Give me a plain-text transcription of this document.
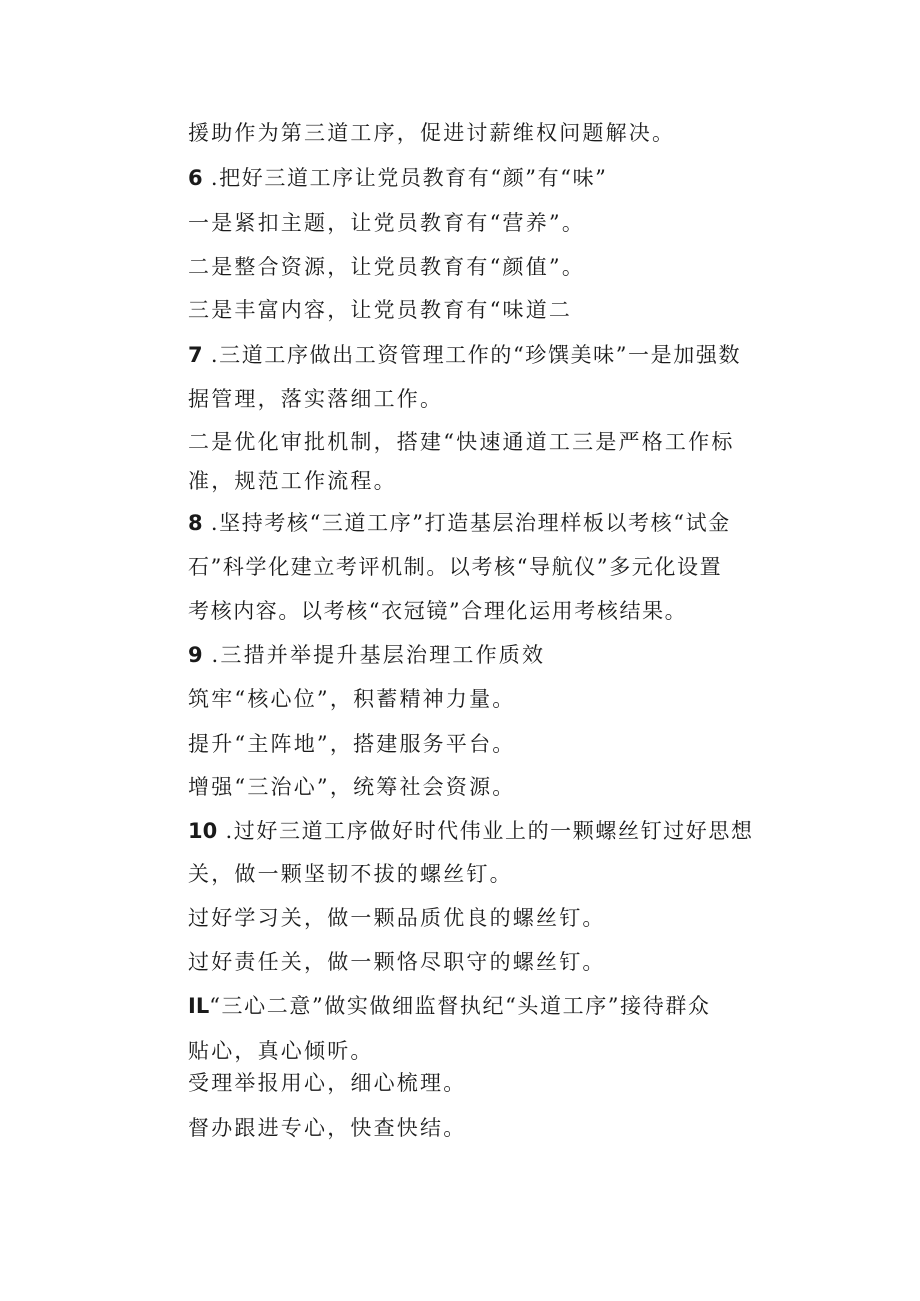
援助作为第三道工序，促进讨薪维权问题解决。
6 .把好三道工序让党员教育有“颜”有“味”
一是紧扣主题，让党员教育有“营养”。
二是整合资源，让党员教育有“颜值”。
三是丰富内容，让党员教育有“味道二
7 .三道工序做出工资管理工作的“珍馔美味”一是加强数
据管理，落实落细工作。
二是优化审批机制，搭建“快速通道工三是严格工作标
准，规范工作流程。
8 .坚持考核“三道工序”打造基层治理样板以考核“试金
石”科学化建立考评机制。以考核“导航仪”多元化设置
考核内容。以考核“衣冠镜”合理化运用考核结果。
9 .三措并举提升基层治理工作质效
筑牢“核心位”，积蓄精神力量。
提升“主阵地”，搭建服务平台。
增强“三治心”，统筹社会资源。
10 .过好三道工序做好时代伟业上的一颗螺丝钉过好思想
关，做一颗坚韧不拔的螺丝钉。
过好学习关，做一颗品质优良的螺丝钉。
过好责任关，做一颗恪尽职守的螺丝钉。
IL“三心二意”做实做细监督执纪“头道工序”接待群众
贴心，真心倾听。
受理举报用心，细心梳理。
督办跟进专心，快查快结。
